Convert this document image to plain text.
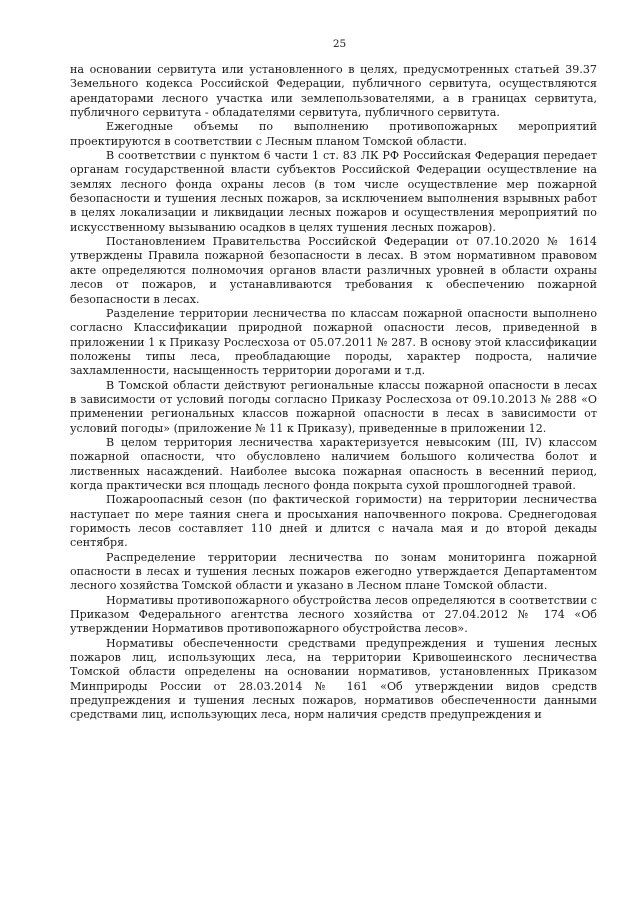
25

на основании сервитута или установленного в целях, предусмотренных статьей 39.37 Земельного кодекса Российской Федерации, публичного сервитута, осуществляются арендаторами лесного участка или землепользователями, а в границах сервитута, публичного сервитута - обладателями сервитута, публичного сервитута.

Ежегодные объемы по выполнению противопожарных мероприятий проектируются в соответствии с Лесным планом Томской области.

В соответствии с пунктом 6 части 1 ст. 83 ЛК РФ Российская Федерация передает органам государственной власти субъектов Российской Федерации осуществление на землях лесного фонда охраны лесов (в том числе осуществление мер пожарной безопасности и тушения лесных пожаров, за исключением выполнения взрывных работ в целях локализации и ликвидации лесных пожаров и осуществления мероприятий по искусственному вызыванию осадков в целях тушения лесных пожаров).

Постановлением Правительства Российской Федерации от 07.10.2020 № 1614 утверждены Правила пожарной безопасности в лесах. В этом нормативном правовом акте определяются полномочия органов власти различных уровней в области охраны лесов от пожаров, и устанавливаются требования к обеспечению пожарной безопасности в лесах.

Разделение территории лесничества по классам пожарной опасности выполнено согласно Классификации природной пожарной опасности лесов, приведенной в приложении 1 к Приказу Рослесхоза от 05.07.2011 № 287. В основу этой классификации положены типы леса, преобладающие породы, характер подроста, наличие захламленности, насыщенность территории дорогами и т.д.

В Томской области действуют региональные классы пожарной опасности в лесах в зависимости от условий погоды согласно Приказу Рослесхоза от 09.10.2013 № 288 «О применении региональных классов пожарной опасности в лесах в зависимости от условий погоды» (приложение № 11 к Приказу), приведенные в приложении 12.

В целом территория лесничества характеризуется невысоким (III, IV) классом пожарной опасности, что обусловлено наличием большого количества болот и лиственных насаждений. Наиболее высока пожарная опасность в весенний период, когда практически вся площадь лесного фонда покрыта сухой прошлогодней травой.

Пожароопасный сезон (по фактической горимости) на территории лесничества наступает по мере таяния снега и просыхания напочвенного покрова. Среднегодовая горимость лесов составляет 110 дней и длится с начала мая и до второй декады сентября.

Распределение территории лесничества по зонам мониторинга пожарной опасности в лесах и тушения лесных пожаров ежегодно утверждается Департаментом лесного хозяйства Томской области и указано в Лесном плане Томской области.

Нормативы противопожарного обустройства лесов определяются в соответствии с Приказом Федерального агентства лесного хозяйства от 27.04.2012 № 174 «Об утверждении Нормативов противопожарного обустройства лесов».

Нормативы обеспеченности средствами предупреждения и тушения лесных пожаров лиц, использующих леса, на территории Кривошеинского лесничества Томской области определены на основании нормативов, установленных Приказом Минприроды России от 28.03.2014 № 161 «Об утверждении видов средств предупреждения и тушения лесных пожаров, нормативов обеспеченности данными средствами лиц, использующих леса, норм наличия средств предупреждения и
